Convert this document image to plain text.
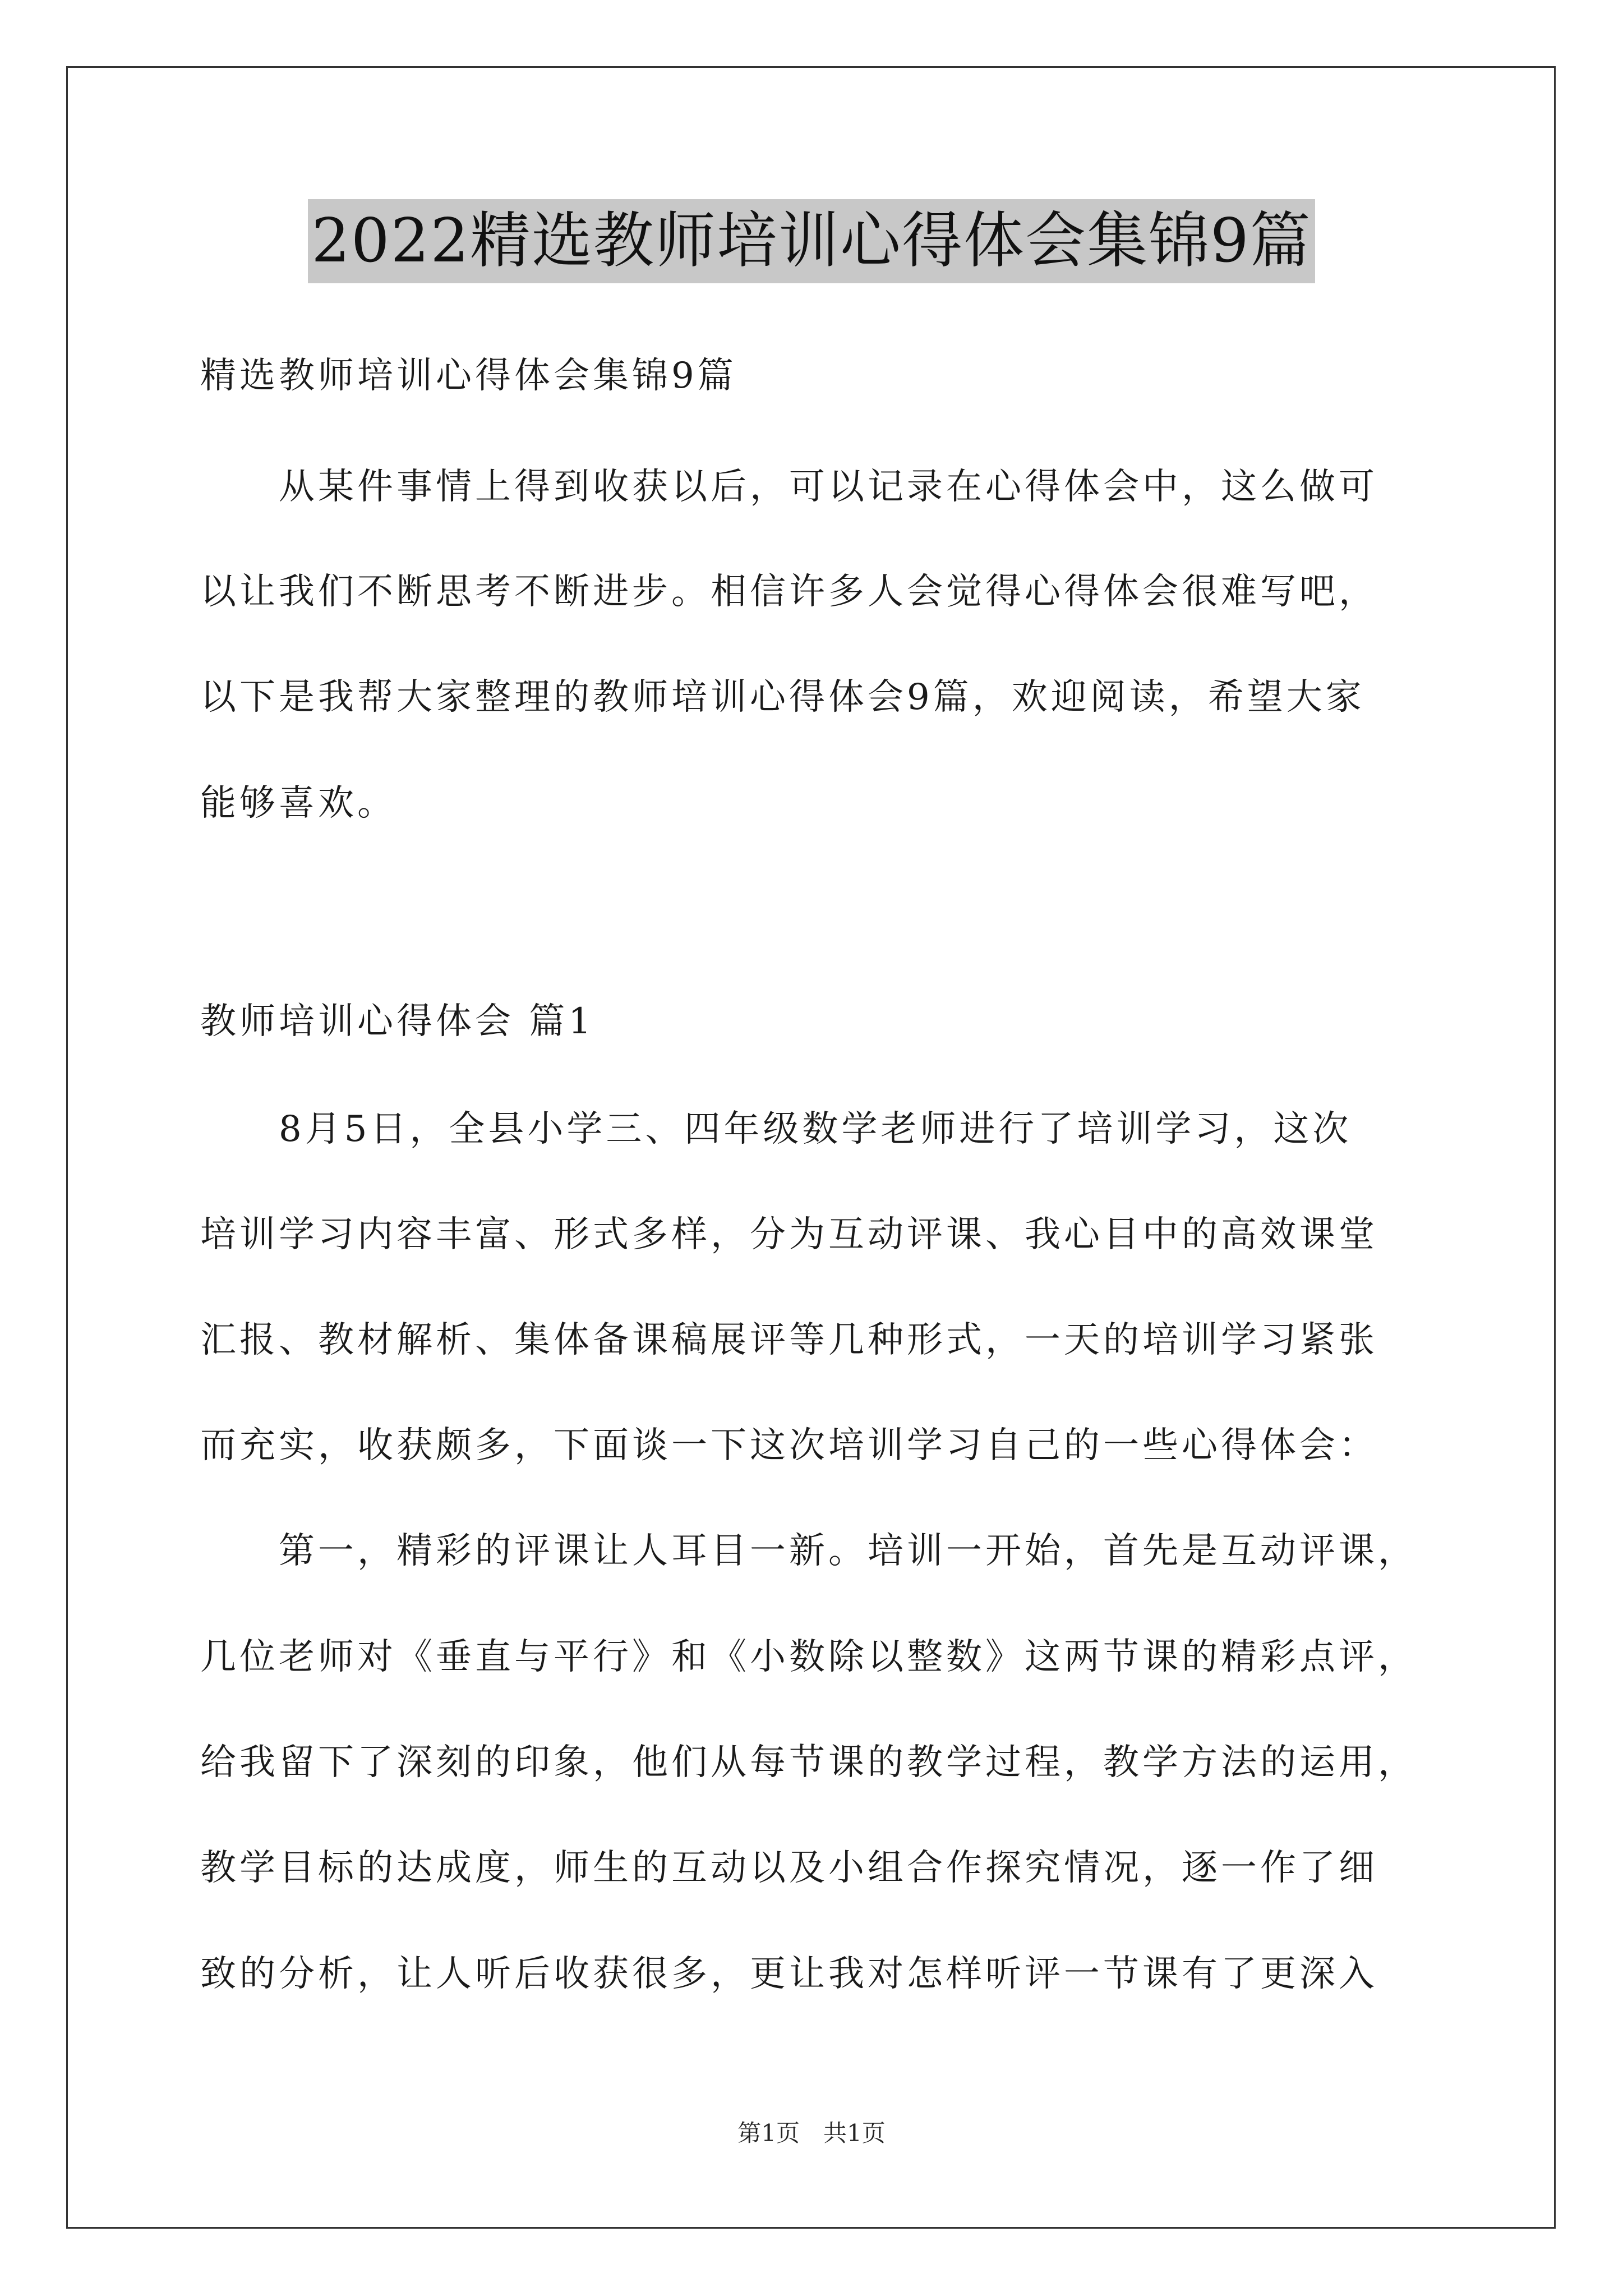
2022精选教师培训心得体会集锦9篇
精选教师培训心得体会集锦9篇
从某件事情上得到收获以后，可以记录在心得体会中，这么做可
以让我们不断思考不断进步。相信许多人会觉得心得体会很难写吧，
以下是我帮大家整理的教师培训心得体会9篇，欢迎阅读，希望大家
能够喜欢。
教师培训心得体会 篇1
8月5日，全县小学三、四年级数学老师进行了培训学习，这次
培训学习内容丰富、形式多样，分为互动评课、我心目中的高效课堂
汇报、教材解析、集体备课稿展评等几种形式，一天的培训学习紧张
而充实，收获颇多，下面谈一下这次培训学习自己的一些心得体会：
第一，精彩的评课让人耳目一新。培训一开始，首先是互动评课，
几位老师对《垂直与平行》和《小数除以整数》这两节课的精彩点评，
给我留下了深刻的印象，他们从每节课的教学过程，教学方法的运用，
教学目标的达成度，师生的互动以及小组合作探究情况，逐一作了细
致的分析，让人听后收获很多，更让我对怎样听评一节课有了更深入
第1页　共1页
